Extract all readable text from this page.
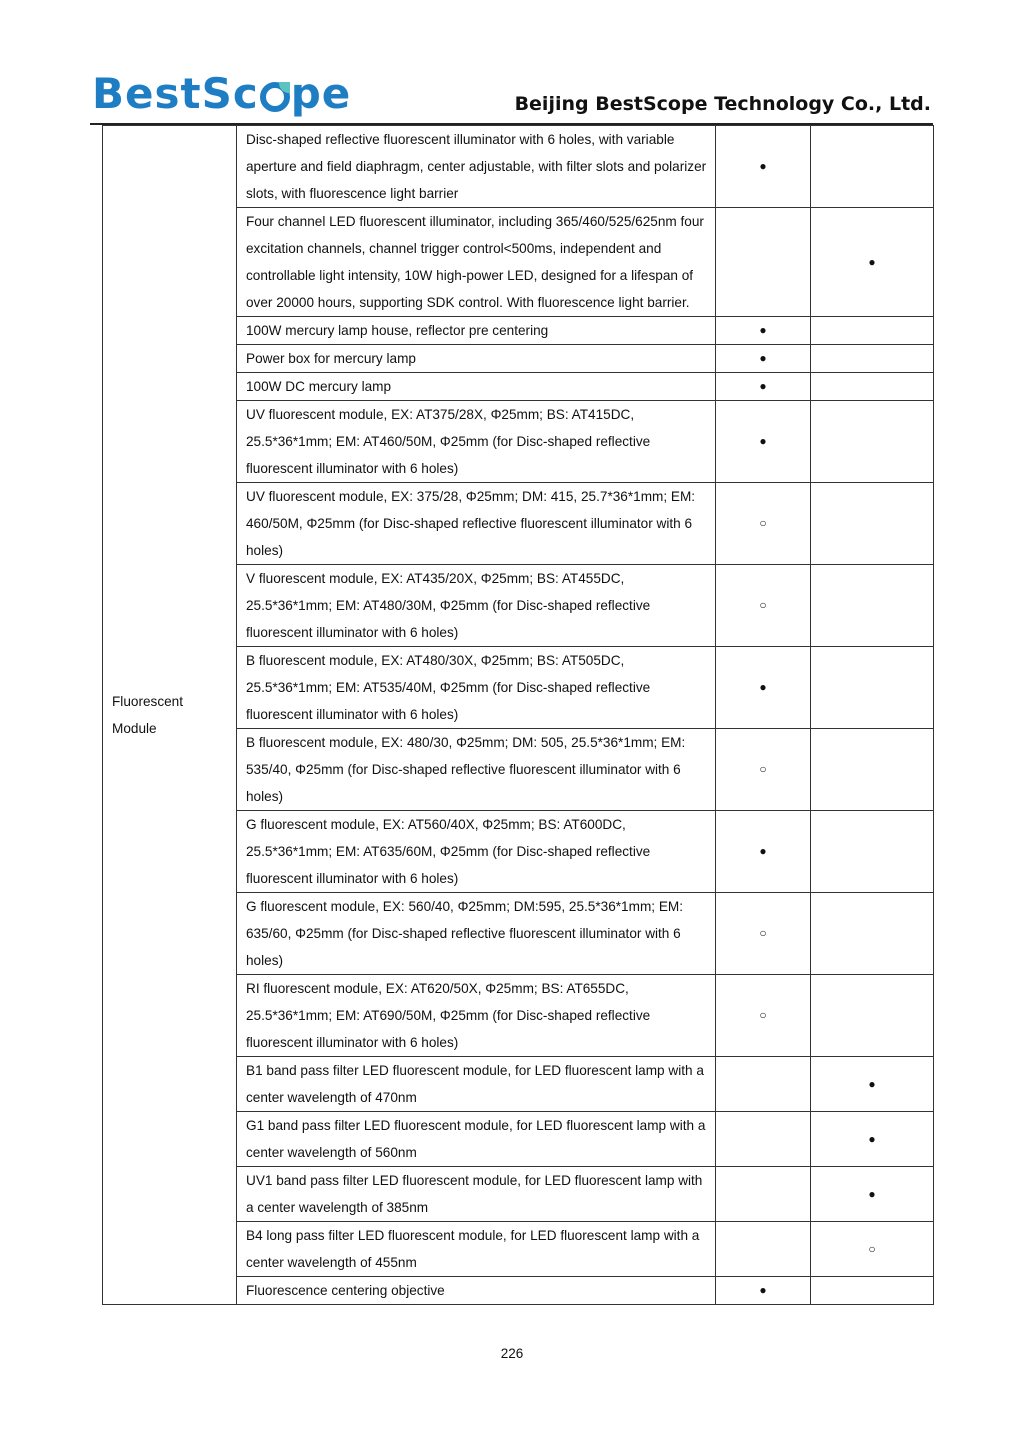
BestSc pe	Beijing BestScope Technology Co., Ltd.
Fluorescent
Module	Disc-shaped reflective fluorescent illuminator with 6 holes, with variable aperture and field diaphragm, center adjustable, with filter slots and polarizer slots, with fluorescence light barrier	●	
	Four channel LED fluorescent illuminator, including 365/460/525/625nm four excitation channels, channel trigger control<500ms, independent and controllable light intensity, 10W high-power LED, designed for a lifespan of over 20000 hours, supporting SDK control. With fluorescence light barrier.		●
	100W mercury lamp house, reflector pre centering	●	
	Power box for mercury lamp	●	
	100W DC mercury lamp	●	
	UV fluorescent module, EX: AT375/28X, Φ25mm; BS: AT415DC, 25.5*36*1mm; EM: AT460/50M, Φ25mm (for Disc-shaped reflective fluorescent illuminator with 6 holes)	●	
	UV fluorescent module, EX: 375/28, Φ25mm; DM: 415, 25.7*36*1mm; EM: 460/50M, Φ25mm (for Disc-shaped reflective fluorescent illuminator with 6 holes)	○	
	V fluorescent module, EX: AT435/20X, Φ25mm; BS: AT455DC, 25.5*36*1mm; EM: AT480/30M, Φ25mm (for Disc-shaped reflective fluorescent illuminator with 6 holes)	○	
	B fluorescent module, EX: AT480/30X, Φ25mm; BS: AT505DC, 25.5*36*1mm; EM: AT535/40M, Φ25mm (for Disc-shaped reflective fluorescent illuminator with 6 holes)	●	
	B fluorescent module, EX: 480/30, Φ25mm; DM: 505, 25.5*36*1mm; EM: 535/40, Φ25mm (for Disc-shaped reflective fluorescent illuminator with 6 holes)	○	
	G fluorescent module, EX: AT560/40X, Φ25mm; BS: AT600DC, 25.5*36*1mm; EM: AT635/60M, Φ25mm (for Disc-shaped reflective fluorescent illuminator with 6 holes)	●	
	G fluorescent module, EX: 560/40, Φ25mm; DM:595, 25.5*36*1mm; EM: 635/60, Φ25mm (for Disc-shaped reflective fluorescent illuminator with 6 holes)	○	
	RI fluorescent module, EX: AT620/50X, Φ25mm; BS: AT655DC, 25.5*36*1mm; EM: AT690/50M, Φ25mm (for Disc-shaped reflective fluorescent illuminator with 6 holes)	○	
	B1 band pass filter LED fluorescent module, for LED fluorescent lamp with a center wavelength of 470nm		●
	G1 band pass filter LED fluorescent module, for LED fluorescent lamp with a center wavelength of 560nm		●
	UV1 band pass filter LED fluorescent module, for LED fluorescent lamp with a center wavelength of 385nm		●
	B4 long pass filter LED fluorescent module, for LED fluorescent lamp with a center wavelength of 455nm		○
	Fluorescence centering objective	●	
226
